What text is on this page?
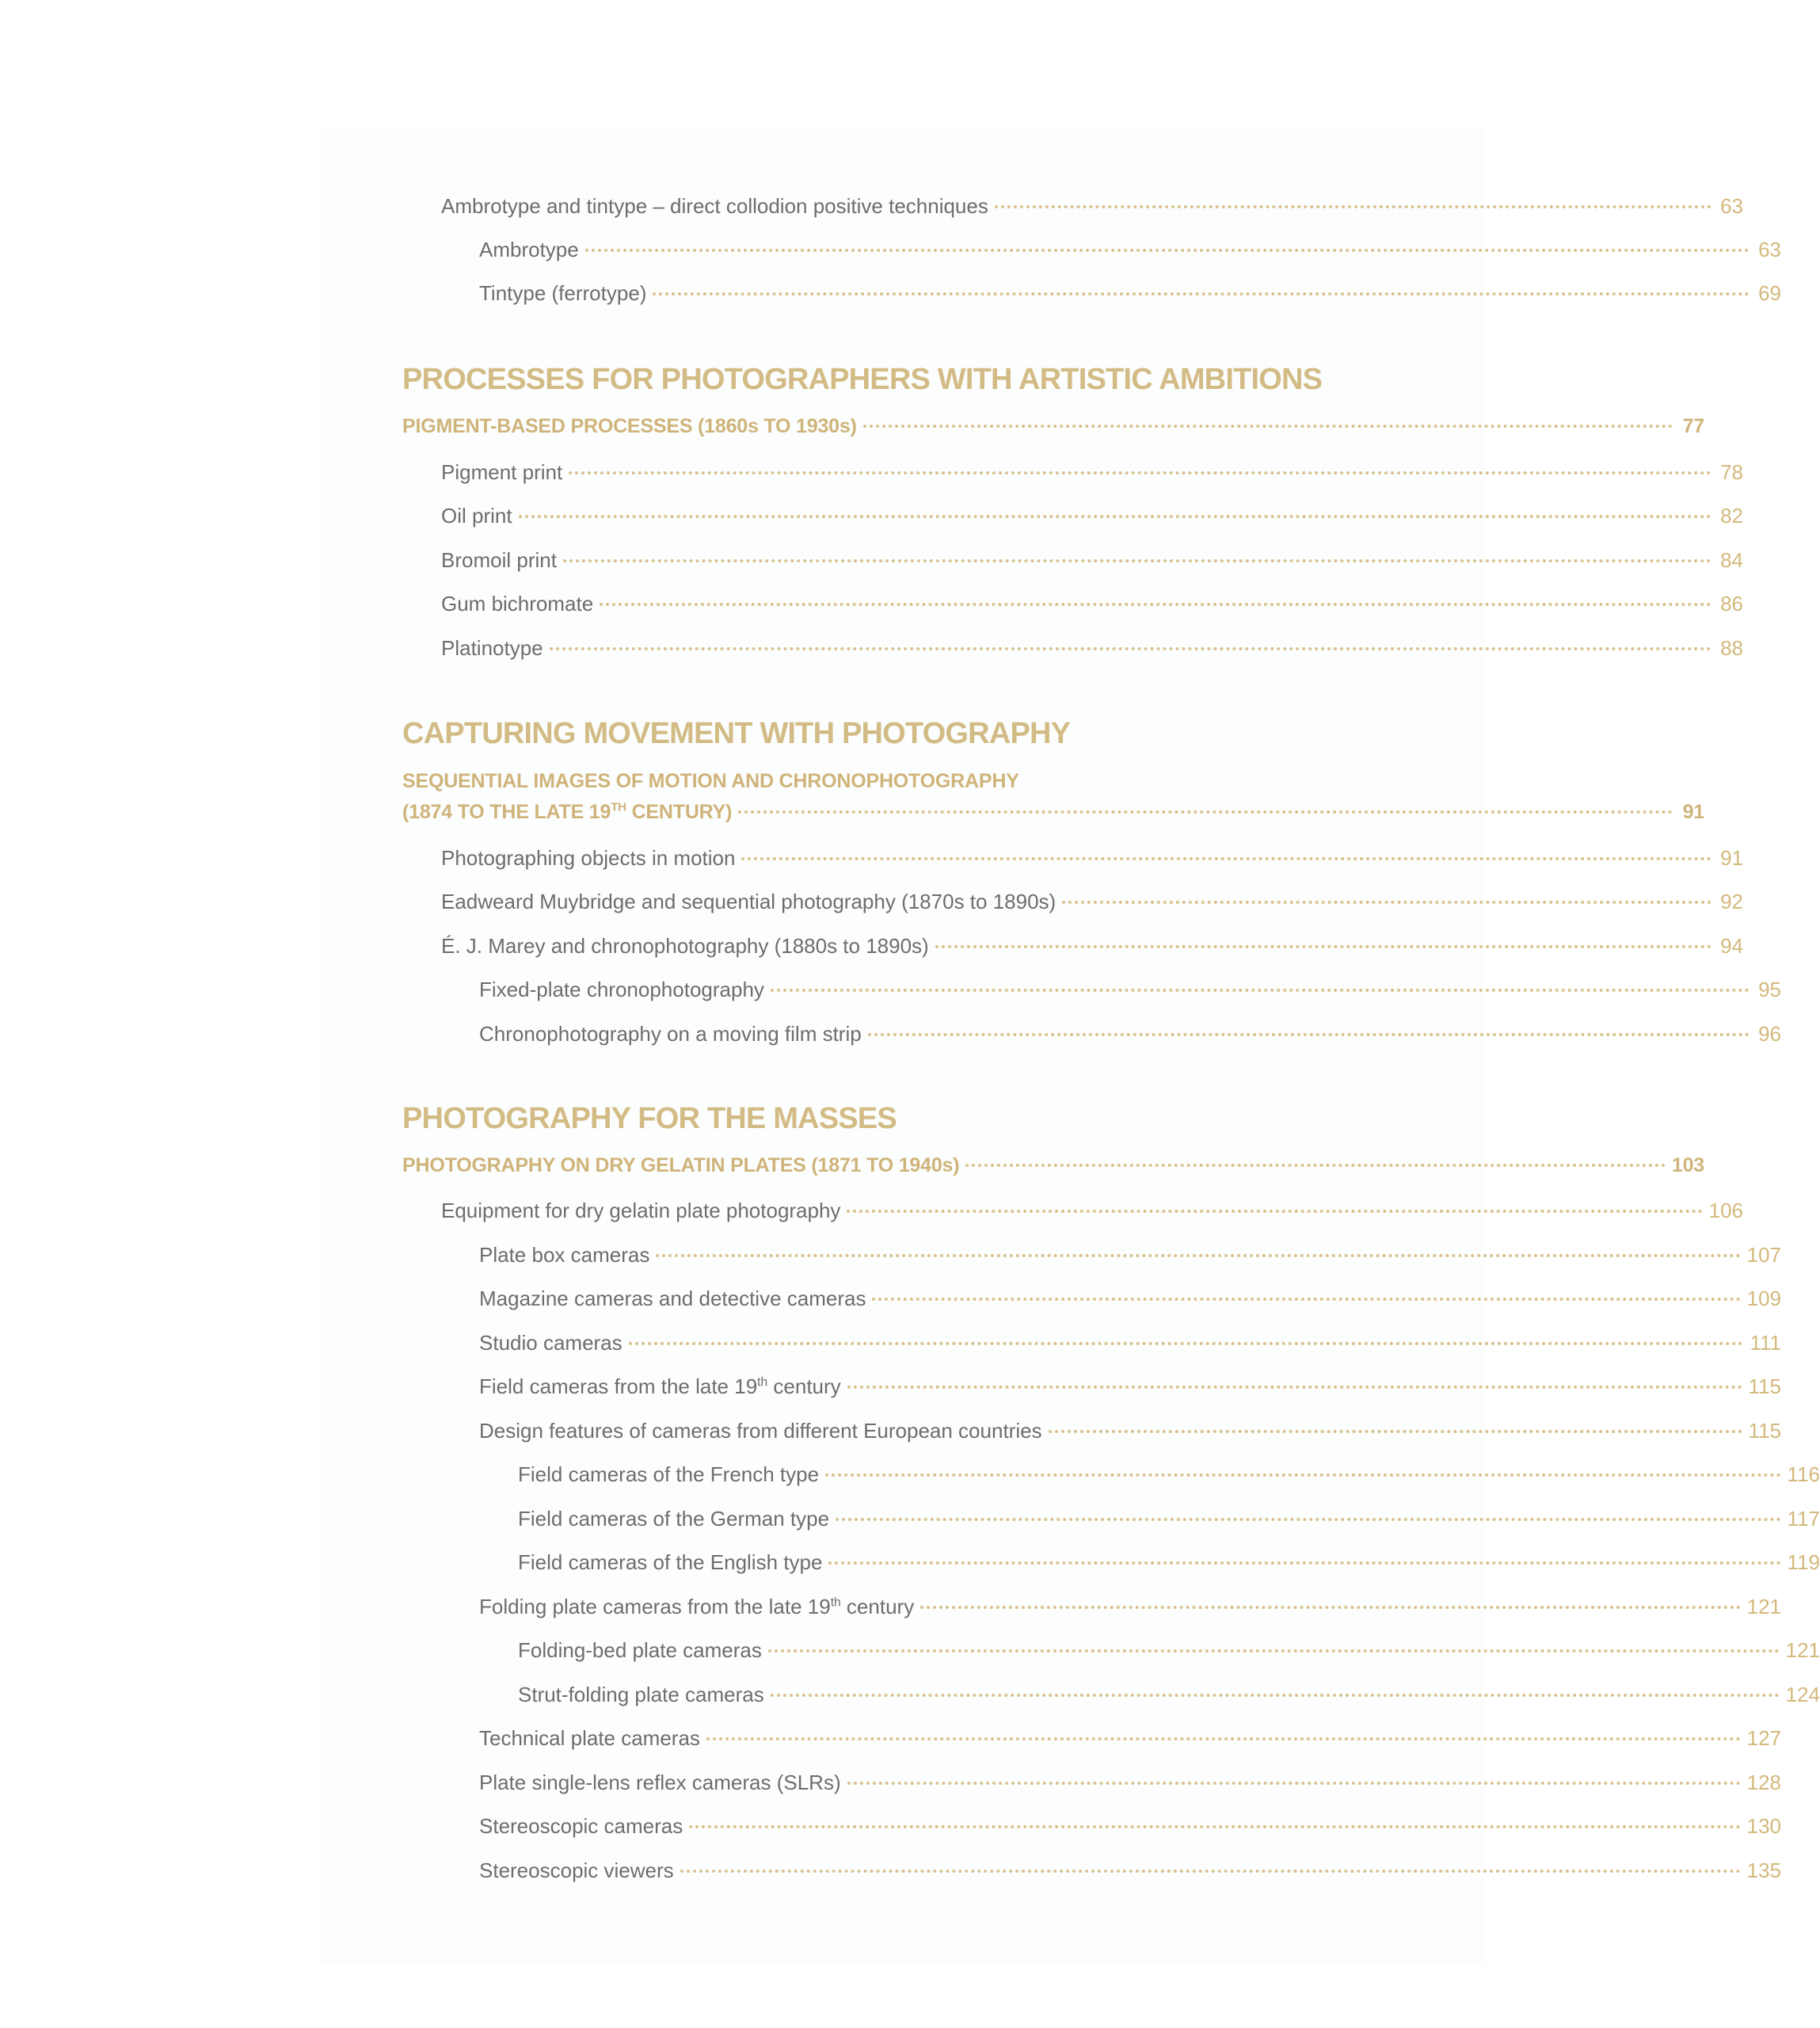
Ambrotype and tintype – direct collodion positive techniques	63
Ambrotype	63
Tintype (ferrotype)	69
PROCESSES FOR PHOTOGRAPHERS WITH ARTISTIC AMBITIONS
PIGMENT-BASED PROCESSES (1860s TO 1930s)	77
Pigment print	78
Oil print	82
Bromoil print	84
Gum bichromate	86
Platinotype	88
CAPTURING MOVEMENT WITH PHOTOGRAPHY
SEQUENTIAL IMAGES OF MOTION AND CHRONOPHOTOGRAPHY
(1874 TO THE LATE 19TH CENTURY)	91
Photographing objects in motion	91
Eadweard Muybridge and sequential photography (1870s to 1890s)	92
É. J. Marey and chronophotography (1880s to 1890s)	94
Fixed-plate chronophotography	95
Chronophotography on a moving film strip	96
PHOTOGRAPHY FOR THE MASSES
PHOTOGRAPHY ON DRY GELATIN PLATES (1871 TO 1940s)	103
Equipment for dry gelatin plate photography	106
Plate box cameras	107
Magazine cameras and detective cameras	109
Studio cameras	111
Field cameras from the late 19th century	115
Design features of cameras from different European countries	115
Field cameras of the French type	116
Field cameras of the German type	117
Field cameras of the English type	119
Folding plate cameras from the late 19th century	121
Folding-bed plate cameras	121
Strut-folding plate cameras	124
Technical plate cameras	127
Plate single-lens reflex cameras (SLRs)	128
Stereoscopic cameras	130
Stereoscopic viewers	135
